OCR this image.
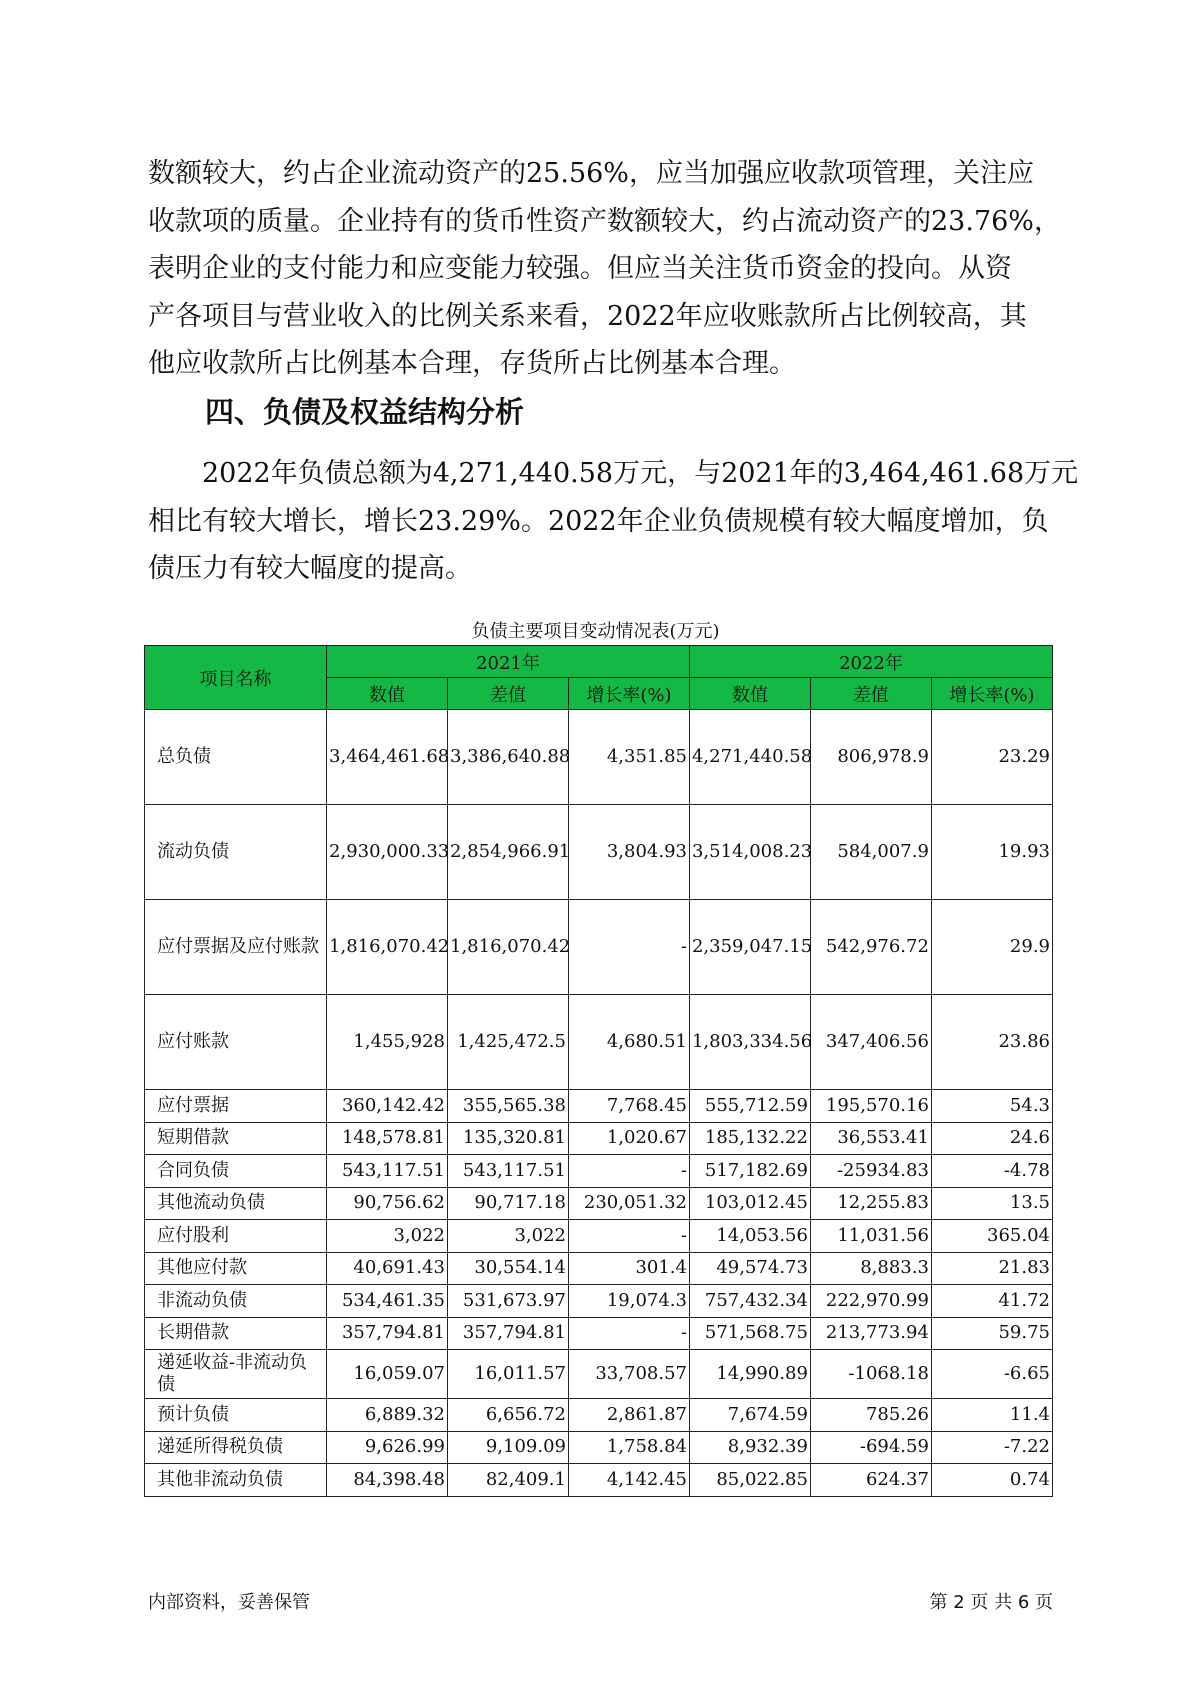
数额较大，约占企业流动资产的25.56%，应当加强应收款项管理，关注应
收款项的质量。企业持有的货币性资产数额较大，约占流动资产的23.76%，
表明企业的支付能力和应变能力较强。但应当关注货币资金的投向。从资
产各项目与营业收入的比例关系来看，2022年应收账款所占比例较高，其
他应收款所占比例基本合理，存货所占比例基本合理。
四、负债及权益结构分析
　　2022年负债总额为4,271,440.58万元，与2021年的3,464,461.68万元
相比有较大增长，增长23.29%。2022年企业负债规模有较大幅度增加，负
债压力有较大幅度的提高。
负债主要项目变动情况表(万元)
项目名称	2021年			2022年		
	数值	差值	增长率(%)	数值	差值	增长率(%)
总负债	3,464,461.68	3,386,640.88	4,351.85	4,271,440.58	806,978.9	23.29
流动负债	2,930,000.33	2,854,966.91	3,804.93	3,514,008.23	584,007.9	19.93
应付票据及应付账款	1,816,070.42	1,816,070.42	-	2,359,047.15	542,976.72	29.9
应付账款	1,455,928	1,425,472.5	4,680.51	1,803,334.56	347,406.56	23.86
应付票据	360,142.42	355,565.38	7,768.45	555,712.59	195,570.16	54.3
短期借款	148,578.81	135,320.81	1,020.67	185,132.22	36,553.41	24.6
合同负债	543,117.51	543,117.51	-	517,182.69	-25934.83	-4.78
其他流动负债	90,756.62	90,717.18	230,051.32	103,012.45	12,255.83	13.5
应付股利	3,022	3,022	-	14,053.56	11,031.56	365.04
其他应付款	40,691.43	30,554.14	301.4	49,574.73	8,883.3	21.83
非流动负债	534,461.35	531,673.97	19,074.3	757,432.34	222,970.99	41.72
长期借款	357,794.81	357,794.81	-	571,568.75	213,773.94	59.75
递延收益-非流动负债	16,059.07	16,011.57	33,708.57	14,990.89	-1068.18	-6.65
预计负债	6,889.32	6,656.72	2,861.87	7,674.59	785.26	11.4
递延所得税负债	9,626.99	9,109.09	1,758.84	8,932.39	-694.59	-7.22
其他非流动负债	84,398.48	82,409.1	4,142.45	85,022.85	624.37	0.74
内部资料，妥善保管	第 2 页 共 6 页
